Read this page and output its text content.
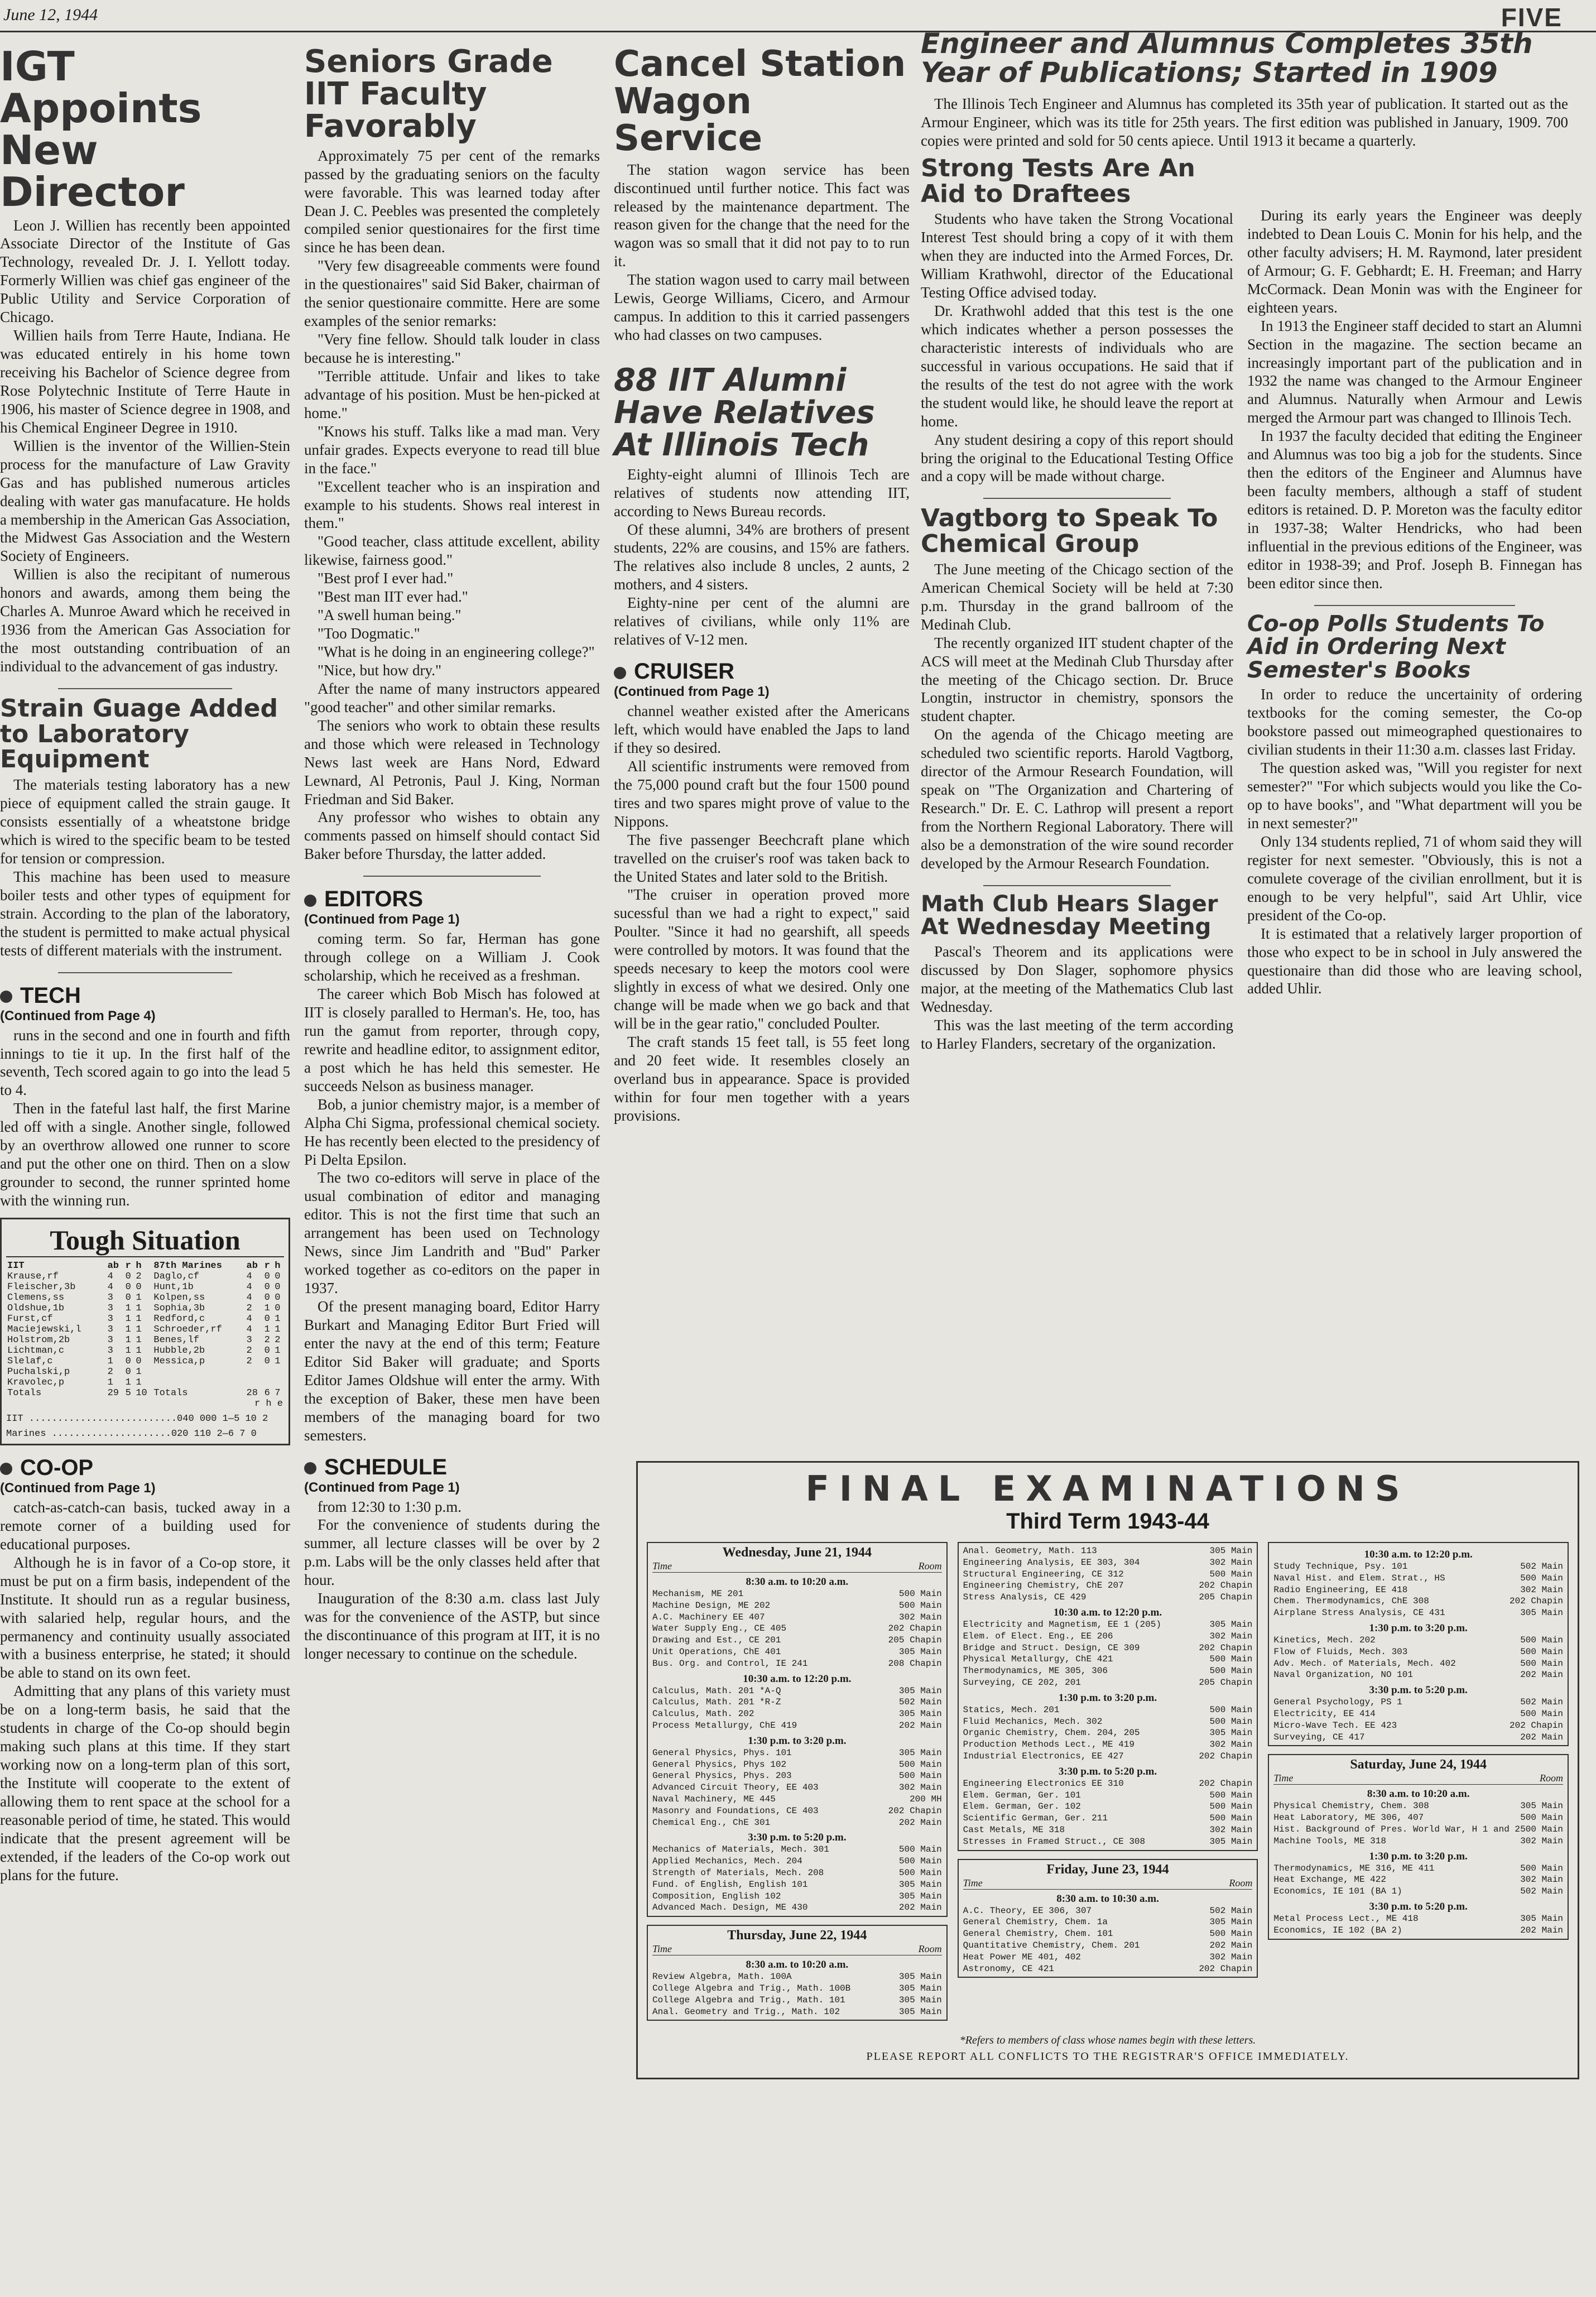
June 12, 1944	FIVE
IGT Appoints New Director

Leon J. Willien has recently been appointed Associate Director of the Institute of Gas Technology, revealed Dr. J. I. Yellott today. Formerly Willien was chief gas engineer of the Public Utility and Service Corporation of Chicago.

Willien hails from Terre Haute, Indiana. He was educated entirely in his home town receiving his Bachelor of Science degree from Rose Polytechnic Institute of Terre Haute in 1906, his master of Science degree in 1908, and his Chemical Engineer Degree in 1910.

Willien is the inventor of the Willien-Stein process for the manufacture of Law Gravity Gas and has published numerous articles dealing with water gas manufacature. He holds a membership in the American Gas Association, the Midwest Gas Association and the Western Society of Engineers.

Willien is also the recipitant of numerous honors and awards, among them being the Charles A. Munroe Award which he received in 1936 from the American Gas Association for the most outstanding contribuation of an individual to the advancement of gas industry.

Strain Guage Added to Laboratory Equipment

The materials testing laboratory has a new piece of equipment called the strain gauge. It consists essentially of a wheatstone bridge which is wired to the specific beam to be tested for tension or compression.

This machine has been used to measure boiler tests and other types of equipment for strain. According to the plan of the laboratory, the student is permitted to make actual physical tests of different materials with the instrument.

TECH
(Continued from Page 4)

runs in the second and one in fourth and fifth innings to tie it up. In the first half of the seventh, Tech scored again to go into the lead 5 to 4.

Then in the fateful last half, the first Marine led off with a single. Another single, followed by an overthrow allowed one runner to score and put the other one on third. Then on a slow grounder to second, the runner sprinted home with the winning run.

Tough Situation
IIT	ab	r	h	87th Marines	ab	r	h
Krause,rf	4	0	2	Daglo,cf	4	0	0
Fleischer,3b	4	0	0	Hunt,1b	4	0	0
Clemens,ss	3	0	1	Kolpen,ss	4	0	0
Oldshue,1b	3	1	1	Sophia,3b	2	1	0
Furst,cf	3	1	1	Redford,c	4	0	1
Maciejewski,l	3	1	1	Schroeder,rf	4	1	1
Holstrom,2b	3	1	1	Benes,lf	3	2	2
Lichtman,c	3	1	1	Hubble,2b	2	0	1
Slelaf,c	1	0	0	Messica,p	2	0	1
Puchalski,p	2	0	1				
Kravolec,p	1	1	1				
Totals	29	5	10	Totals	28	6	7
r h e							
IIT ..........................040 000 1—5 10 2
Marines .....................020 110 2—6 7 0
CO-OP
(Continued from Page 1)

catch-as-catch-can basis, tucked away in a remote corner of a building used for educational purposes.

Although he is in favor of a Co-op store, it must be put on a firm basis, independent of the Institute. It should run as a regular business, with salaried help, regular hours, and the permanency and continuity usually associated with a business enterprise, he stated; it should be able to stand on its own feet.

Admitting that any plans of this variety must be on a long-term basis, he said that the students in charge of the Co-op should begin making such plans at this time. If they start working now on a long-term plan of this sort, the Institute will cooperate to the extent of allowing them to rent space at the school for a reasonable period of time, he stated. This would indicate that the present agreement will be extended, if the leaders of the Co-op work out plans for the future.

Seniors Grade IIT Faculty Favorably

Approximately 75 per cent of the remarks passed by the graduating seniors on the faculty were favorable. This was learned today after Dean J. C. Peebles was presented the completely compiled senior questionaires for the first time since he has been dean.

"Very few disagreeable comments were found in the questionaires" said Sid Baker, chairman of the senior questionaire committe. Here are some examples of the senior remarks:

"Very fine fellow. Should talk louder in class because he is interesting."

"Terrible attitude. Unfair and likes to take advantage of his position. Must be hen-picked at home."

"Knows his stuff. Talks like a mad man. Very unfair grades. Expects everyone to read till blue in the face."

"Excellent teacher who is an inspiration and example to his students. Shows real interest in them."

"Good teacher, class attitude excellent, ability likewise, fairness good."

"Best prof I ever had."

"Best man IIT ever had."

"A swell human being."

"Too Dogmatic."

"What is he doing in an engineering college?"

"Nice, but how dry."

After the name of many instructors appeared "good teacher" and other similar remarks.

The seniors who work to obtain these results and those which were released in Technology News last week are Hans Nord, Edward Lewnard, Al Petronis, Paul J. King, Norman Friedman and Sid Baker.

Any professor who wishes to obtain any comments passed on himself should contact Sid Baker before Thursday, the latter added.

EDITORS
(Continued from Page 1)

coming term. So far, Herman has gone through college on a William J. Cook scholarship, which he received as a freshman.

The career which Bob Misch has folowed at IIT is closely paralled to Herman's. He, too, has run the gamut from reporter, through copy, rewrite and headline editor, to assignment editor, a post which he has held this semester. He succeeds Nelson as business manager.

Bob, a junior chemistry major, is a member of Alpha Chi Sigma, professional chemical society. He has recently been elected to the presidency of Pi Delta Epsilon.

The two co-editors will serve in place of the usual combination of editor and managing editor. This is not the first time that such an arrangement has been used on Technology News, since Jim Landrith and "Bud" Parker worked together as co-editors on the paper in 1937.

Of the present managing board, Editor Harry Burkart and Managing Editor Burt Fried will enter the navy at the end of this term; Feature Editor Sid Baker will graduate; and Sports Editor James Oldshue will enter the army. With the exception of Baker, these men have been members of the managing board for two semesters.

SCHEDULE
(Continued from Page 1)

from 12:30 to 1:30 p.m.

For the convenience of students during the summer, all lecture classes will be over by 2 p.m. Labs will be the only classes held after that hour.

Inauguration of the 8:30 a.m. class last July was for the convenience of the ASTP, but since the discontinuance of this program at IIT, it is no longer necessary to continue on the schedule.

Cancel Station Wagon Service

The station wagon service has been discontinued until further notice. This fact was released by the maintenance department. The reason given for the change that the need for the wagon was so small that it did not pay to to run it.

The station wagon used to carry mail between Lewis, George Williams, Cicero, and Armour campus. In addition to this it carried passengers who had classes on two campuses.

88 IIT Alumni Have Relatives At Illinois Tech

Eighty-eight alumni of Illinois Tech are relatives of students now attending IIT, according to News Bureau records.

Of these alumni, 34% are brothers of present students, 22% are cousins, and 15% are fathers. The relatives also include 8 uncles, 2 aunts, 2 mothers, and 4 sisters.

Eighty-nine per cent of the alumni are relatives of civilians, while only 11% are relatives of V-12 men.

CRUISER
(Continued from Page 1)

channel weather existed after the Americans left, which would have enabled the Japs to land if they so desired.

All scientific instruments were removed from the 75,000 pound craft but the four 1500 pound tires and two spares might prove of value to the Nippons.

The five passenger Beechcraft plane which travelled on the cruiser's roof was taken back to the United States and later sold to the British.

"The cruiser in operation proved more sucessful than we had a right to expect," said Poulter. "Since it had no gearshift, all speeds were controlled by motors. It was found that the speeds necesary to keep the motors cool were slightly in excess of what we desired. Only one change will be made when we go back and that will be in the gear ratio," concluded Poulter.

The craft stands 15 feet tall, is 55 feet long and 20 feet wide. It resembles closely an overland bus in appearance. Space is provided within for four men together with a years provisions.

Engineer and Alumnus Completes 35th Year of Publications; Started in 1909

The Illinois Tech Engineer and Alumnus has completed its 35th year of publication. It started out as the Armour Engineer, which was its title for 25th years. The first edition was published in January, 1909. 700 copies were printed and sold for 50 cents apiece. Until 1913 it became a quarterly.

Strong Tests Are An Aid to Draftees

Students who have taken the Strong Vocational Interest Test should bring a copy of it with them when they are inducted into the Armed Forces, Dr. William Krathwohl, director of the Educational Testing Office advised today.

Dr. Krathwohl added that this test is the one which indicates whether a person possesses the characteristic interests of individuals who are successful in various occupations. He said that if the results of the test do not agree with the work the student would like, he should leave the report at home.

Any student desiring a copy of this report should bring the original to the Educational Testing Office and a copy will be made without charge.

Vagtborg to Speak To Chemical Group

The June meeting of the Chicago section of the American Chemical Society will be held at 7:30 p.m. Thursday in the grand ballroom of the Medinah Club.

The recently organized IIT student chapter of the ACS will meet at the Medinah Club Thursday after the meeting of the Chicago section. Dr. Bruce Longtin, instructor in chemistry, sponsors the student chapter.

On the agenda of the Chicago meeting are scheduled two scientific reports. Harold Vagtborg, director of the Armour Research Foundation, will speak on "The Organization and Chartering of Research." Dr. E. C. Lathrop will present a report from the Northern Regional Laboratory. There will also be a demonstration of the wire sound recorder developed by the Armour Research Foundation.

Math Club Hears Slager At Wednesday Meeting

Pascal's Theorem and its applications were discussed by Don Slager, sophomore physics major, at the meeting of the Mathematics Club last Wednesday.

This was the last meeting of the term according to Harley Flanders, secretary of the organization.

During its early years the Engineer was deeply indebted to Dean Louis C. Monin for his help, and the other faculty advisers; H. M. Raymond, later president of Armour; G. F. Gebhardt; E. H. Freeman; and Harry McCormack. Dean Monin was with the Engineer for eighteen years.

In 1913 the Engineer staff decided to start an Alumni Section in the magazine. The section became an increasingly important part of the publication and in 1932 the name was changed to the Armour Engineer and Alumnus. Naturally when Armour and Lewis merged the Armour part was changed to Illinois Tech.

In 1937 the faculty decided that editing the Engineer and Alumnus was too big a job for the students. Since then the editors of the Engineer and Alumnus have been faculty members, although a staff of student editors is retained. D. P. Moreton was the faculty editor in 1937-38; Walter Hendricks, who had been influential in the previous editions of the Engineer, was editor in 1938-39; and Prof. Joseph B. Finnegan has been editor since then.

Co-op Polls Students To Aid in Ordering Next Semester's Books

In order to reduce the uncertainity of ordering textbooks for the coming semester, the Co-op bookstore passed out mimeographed questionaires to civilian students in their 11:30 a.m. classes last Friday.

The question asked was, "Will you register for next semester?" "For which subjects would you like the Co-op to have books", and "What department will you be in next semester?"

Only 134 students replied, 71 of whom said they will register for next semester. "Obviously, this is not a comulete coverage of the civilian enrollment, but it is enough to be very helpful", said Art Uhlir, vice president of the Co-op.

It is estimated that a relatively larger proportion of those who expect to be in school in July answered the questionaire than did those who are leaving school, added Uhlir.

FINAL EXAMINATIONS
Third Term 1943-44
Wednesday, June 21, 1944
Time	Room
8:30 a.m. to 10:20 a.m.
Mechanism, ME 201	500 Main
Machine Design, ME 202	500 Main
A.C. Machinery EE 407	302 Main
Water Supply Eng., CE 405	202 Chapin
Drawing and Est., CE 201	205 Chapin
Unit Operations, ChE 401	305 Main
Bus. Org. and Control, IE 241	208 Chapin
10:30 a.m. to 12:20 p.m.
Calculus, Math. 201 *A-Q	305 Main
Calculus, Math. 201 *R-Z	502 Main
Calculus, Math. 202	305 Main
Process Metallurgy, ChE 419	202 Main
1:30 p.m. to 3:20 p.m.
General Physics, Phys. 101	305 Main
General Physics, Phys 102	500 Main
General Physics, Phys. 203	500 Main
Advanced Circuit Theory, EE 403	302 Main
Naval Machinery, ME 445	200 MH
Masonry and Foundations, CE 403	202 Chapin
Chemical Eng., ChE 301	202 Main
3:30 p.m. to 5:20 p.m.
Mechanics of Materials, Mech. 301	500 Main
Applied Mechanics, Mech. 204	500 Main
Strength of Materials, Mech. 208	500 Main
Fund. of English, English 101	305 Main
Composition, English 102	305 Main
Advanced Mach. Design, ME 430	202 Main
Thursday, June 22, 1944
Time	Room
8:30 a.m. to 10:20 a.m.
Review Algebra, Math. 100A	305 Main
College Algebra and Trig., Math. 100B	305 Main
College Algebra and Trig., Math. 101	305 Main
Anal. Geometry and Trig., Math. 102	305 Main
Anal. Geometry, Math. 113	305 Main
Engineering Analysis, EE 303, 304	302 Main
Structural Engineering, CE 312	500 Main
Engineering Chemistry, ChE 207	202 Chapin
Stress Analysis, CE 429	205 Chapin
10:30 a.m. to 12:20 p.m.
Electricity and Magnetism, EE 1 (205)	305 Main
Elem. of Elect. Eng., EE 206	302 Main
Bridge and Struct. Design, CE 309	202 Chapin
Physical Metallurgy, ChE 421	500 Main
Thermodynamics, ME 305, 306	500 Main
Surveying, CE 202, 201	205 Chapin
1:30 p.m. to 3:20 p.m.
Statics, Mech. 201	500 Main
Fluid Mechanics, Mech. 302	500 Main
Organic Chemistry, Chem. 204, 205	305 Main
Production Methods Lect., ME 419	302 Main
Industrial Electronics, EE 427	202 Chapin
3:30 p.m. to 5:20 p.m.
Engineering Electronics EE 310	202 Chapin
Elem. German, Ger. 101	500 Main
Elem. German, Ger. 102	500 Main
Scientific German, Ger. 211	500 Main
Cast Metals, ME 318	302 Main
Stresses in Framed Struct., CE 308	305 Main
Friday, June 23, 1944
Time	Room
8:30 a.m. to 10:30 a.m.
A.C. Theory, EE 306, 307	502 Main
General Chemistry, Chem. 1a	305 Main
General Chemistry, Chem. 101	500 Main
Quantitative Chemistry, Chem. 201	202 Main
Heat Power ME 401, 402	302 Main
Astronomy, CE 421	202 Chapin
10:30 a.m. to 12:20 p.m.
Study Technique, Psy. 101	502 Main
Naval Hist. and Elem. Strat., HS	500 Main
Radio Engineering, EE 418	302 Main
Chem. Thermodynamics, ChE 308	202 Chapin
Airplane Stress Analysis, CE 431	305 Main
1:30 p.m. to 3:20 p.m.
Kinetics, Mech. 202	500 Main
Flow of Fluids, Mech. 303	500 Main
Adv. Mech. of Materials, Mech. 402	500 Main
Naval Organization, NO 101	202 Main
3:30 p.m. to 5:20 p.m.
General Psychology, PS 1	502 Main
Electricity, EE 414	500 Main
Micro-Wave Tech. EE 423	202 Chapin
Surveying, CE 417	202 Main
Saturday, June 24, 1944
Time	Room
8:30 a.m. to 10:20 a.m.
Physical Chemistry, Chem. 308	305 Main
Heat Laboratory, ME 306, 407	500 Main
Hist. Background of Pres. World War, H 1 and 2 500 Main
Machine Tools, ME 318	302 Main
1:30 p.m. to 3:20 p.m.
Thermodynamics, ME 316, ME 411	500 Main
Heat Exchange, ME 422	302 Main
Economics, IE 101 (BA 1)	502 Main
3:30 p.m. to 5:20 p.m.
Metal Process Lect., ME 418	305 Main
Economics, IE 102 (BA 2)	202 Main
*Refers to members of class whose names begin with these letters.
PLEASE REPORT ALL CONFLICTS TO THE REGISTRAR'S OFFICE IMMEDIATELY.
